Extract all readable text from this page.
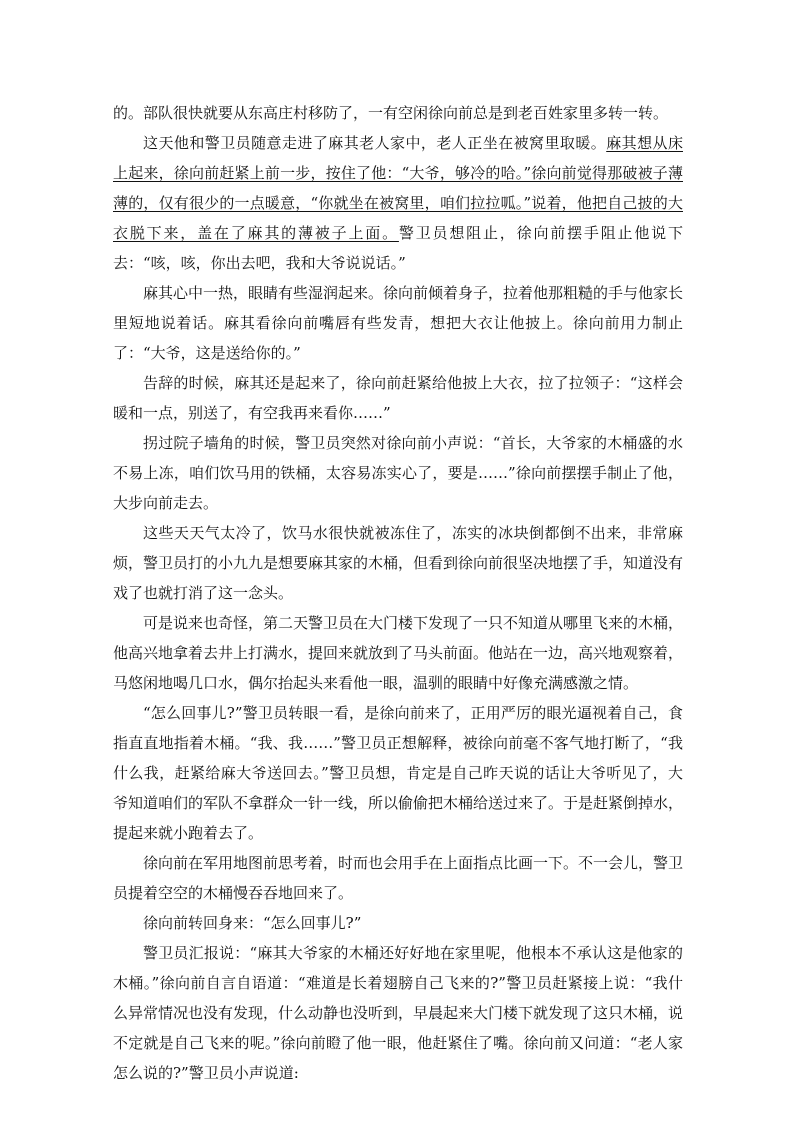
的。部队很快就要从东高庄村移防了，一有空闲徐向前总是到老百姓家里多转一转。

这天他和警卫员随意走进了麻其老人家中，老人正坐在被窝里取暖。麻其想从床上起来，徐向前赶紧上前一步，按住了他：“大爷，够冷的哈。”徐向前觉得那破被子薄薄的，仅有很少的一点暖意，“你就坐在被窝里，咱们拉拉呱。”说着，他把自己披的大衣脱下来，盖在了麻其的薄被子上面。警卫员想阻止，徐向前摆手阻止他说下去：“咳，咳，你出去吧，我和大爷说说话。”

麻其心中一热，眼睛有些湿润起来。徐向前倾着身子，拉着他那粗糙的手与他家长里短地说着话。麻其看徐向前嘴唇有些发青，想把大衣让他披上。徐向前用力制止了：“大爷，这是送给你的。”

告辞的时候，麻其还是起来了，徐向前赶紧给他披上大衣，拉了拉领子：“这样会暖和一点，别送了，有空我再来看你……”

拐过院子墙角的时候，警卫员突然对徐向前小声说：“首长，大爷家的木桶盛的水不易上冻，咱们饮马用的铁桶，太容易冻实心了，要是……”徐向前摆摆手制止了他，大步向前走去。

这些天天气太冷了，饮马水很快就被冻住了，冻实的冰块倒都倒不出来，非常麻烦，警卫员打的小九九是想要麻其家的木桶，但看到徐向前很坚决地摆了手，知道没有戏了也就打消了这一念头。

可是说来也奇怪，第二天警卫员在大门楼下发现了一只不知道从哪里飞来的木桶，他高兴地拿着去井上打满水，提回来就放到了马头前面。他站在一边，高兴地观察着，马悠闲地喝几口水，偶尔抬起头来看他一眼，温驯的眼睛中好像充满感激之情。

“怎么回事儿?”警卫员转眼一看，是徐向前来了，正用严厉的眼光逼视着自己，食指直直地指着木桶。“我、我……”警卫员正想解释，被徐向前毫不客气地打断了，“我什么我，赶紧给麻大爷送回去。”警卫员想，肯定是自己昨天说的话让大爷听见了，大爷知道咱们的军队不拿群众一针一线，所以偷偷把木桶给送过来了。于是赶紧倒掉水，提起来就小跑着去了。

徐向前在军用地图前思考着，时而也会用手在上面指点比画一下。不一会儿，警卫员提着空空的木桶慢吞吞地回来了。

徐向前转回身来：“怎么回事儿?”

警卫员汇报说：“麻其大爷家的木桶还好好地在家里呢，他根本不承认这是他家的木桶。”徐向前自言自语道：“难道是长着翅膀自己飞来的?”警卫员赶紧接上说：“我什么异常情况也没有发现，什么动静也没听到，早晨起来大门楼下就发现了这只木桶，说不定就是自己飞来的呢。”徐向前瞪了他一眼，他赶紧住了嘴。徐向前又问道：“老人家怎么说的?”警卫员小声说道:
